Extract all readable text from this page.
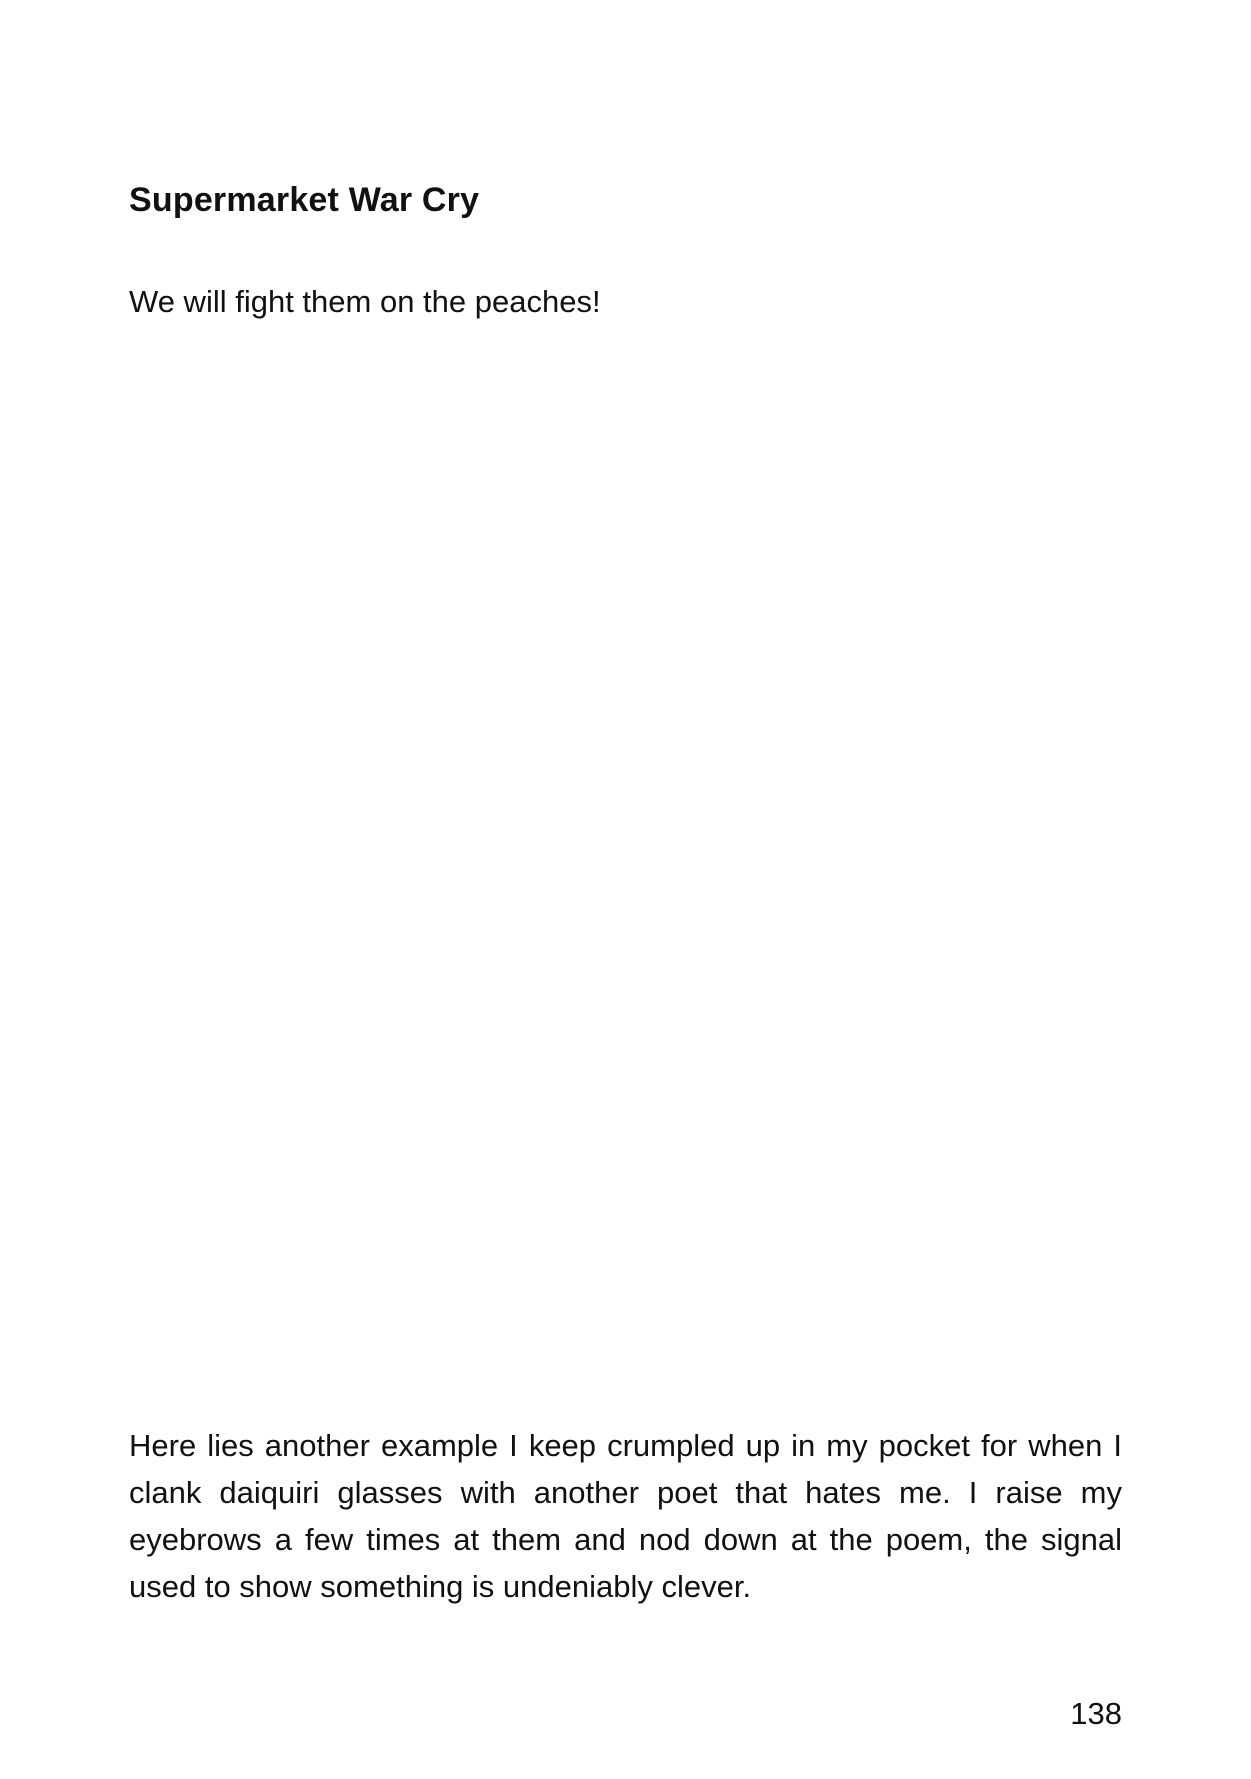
Supermarket War Cry

We will fight them on the peaches!

Here lies another example I keep crumpled up in my pocket for when I clank daiquiri glasses with another poet that hates me. I raise my eyebrows a few times at them and nod down at the poem, the signal used to show something is undeniably clever.

138
